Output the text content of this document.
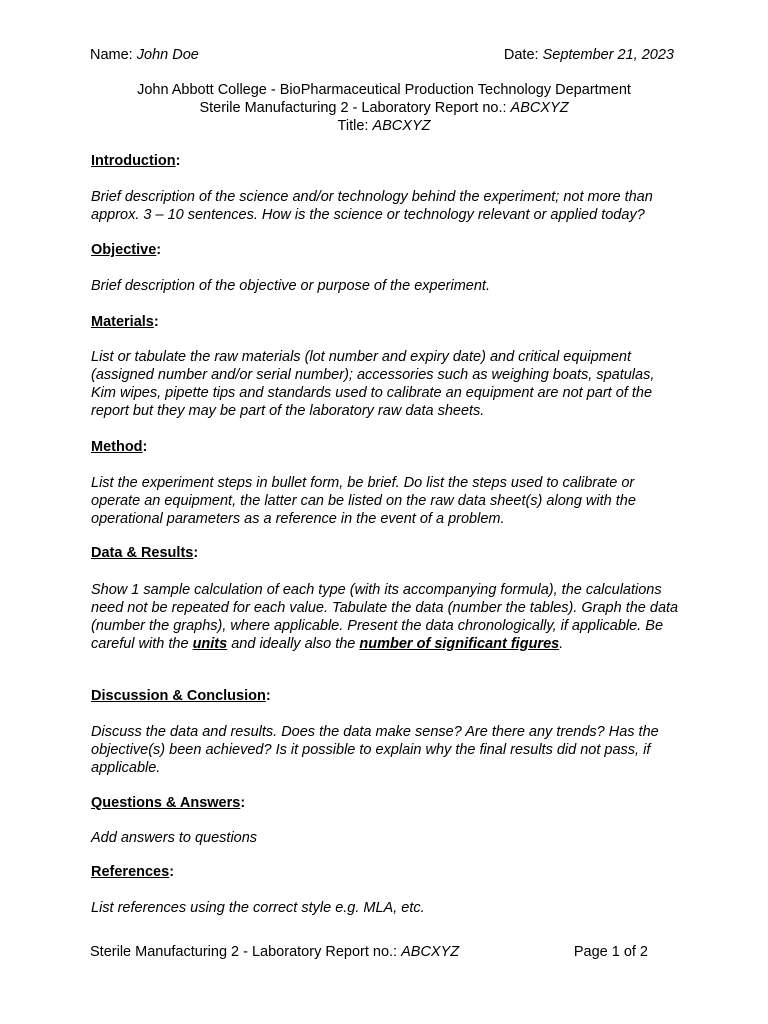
Name: John Doe	Date: September 21, 2023
John Abbott College - BioPharmaceutical Production Technology Department
Sterile Manufacturing 2 - Laboratory Report no.: ABCXYZ
Title: ABCXYZ
Introduction:
Brief description of the science and/or technology behind the experiment; not more than approx. 3 – 10 sentences. How is the science or technology relevant or applied today?
Objective:
Brief description of the objective or purpose of the experiment.
Materials:
List or tabulate the raw materials (lot number and expiry date) and critical equipment (assigned number and/or serial number); accessories such as weighing boats, spatulas, Kim wipes, pipette tips and standards used to calibrate an equipment are not part of the report but they may be part of the laboratory raw data sheets.
Method:
List the experiment steps in bullet form, be brief. Do list the steps used to calibrate or operate an equipment, the latter can be listed on the raw data sheet(s) along with the operational parameters as a reference in the event of a problem.
Data & Results:
Show 1 sample calculation of each type (with its accompanying formula), the calculations need not be repeated for each value. Tabulate the data (number the tables). Graph the data (number the graphs), where applicable. Present the data chronologically, if applicable. Be careful with the units and ideally also the number of significant figures.
Discussion & Conclusion:
Discuss the data and results. Does the data make sense? Are there any trends? Has the objective(s) been achieved? Is it possible to explain why the final results did not pass, if applicable.
Questions & Answers:
Add answers to questions
References:
List references using the correct style e.g. MLA, etc.
Sterile Manufacturing 2 - Laboratory Report no.: ABCXYZ	Page 1 of 2
